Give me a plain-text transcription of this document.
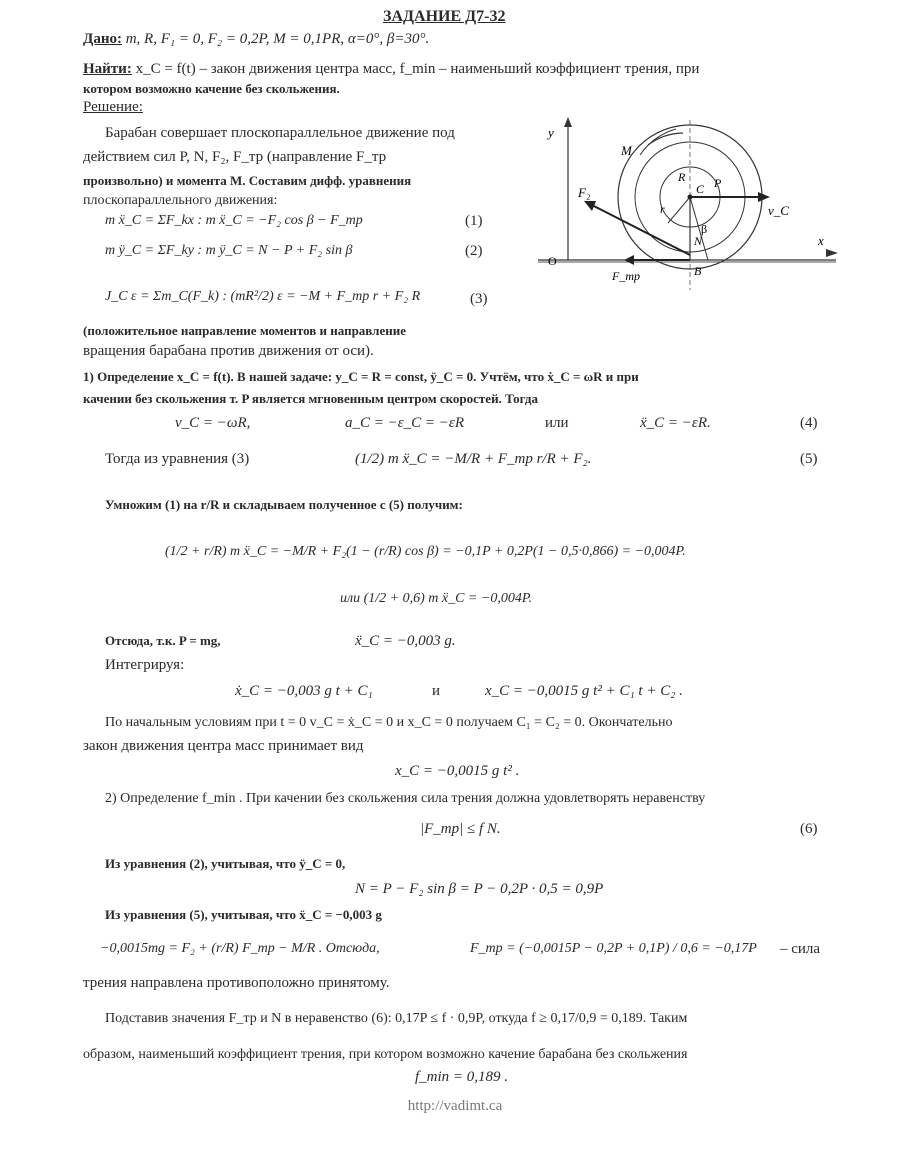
ЗАДАНИЕ Д7-32
Дано: m, R, F₁ = 0, F₂ = 0,2P, M = 0,1PR, α=0°, β=30°.
Найти: x_C = f(t) – закон движения центра масс, f_min – наименьший коэффициент трения, при
котором возможно качение без скольжения.
Решение:
Барабан совершает плоскопараллельное движение под
действием сил P, N, F₂, F_тр (направление F_тр
произвольно) и момента M. Составим дифф. уравнения
плоскопараллельного движения:
m ẍ_C = ΣF_kx : m ẍ_C = −F₂ cos β − F_тр	(1)
m ÿ_C = ΣF_ky : m ÿ_C = N − P + F₂ sin β	(2)
J_C ε = Σm_C(F_k) : (mR²/2) ε = −M + F_тр r + F₂ R	(3)
y
x
O
M
C
F₂
F_тр
v_C
N
β
r
R P
B
(положительное направление моментов и направление
вращения барабана против движения от оси).
1) Определение x_C = f(t). В нашей задаче: y_C = R = const, ÿ_C = 0. Учтём, что ẋ_C = ωR и при
качении без скольжения т. P является мгновенным центром скоростей. Тогда
v_C = −ωR,	a_C = −ε_C = −εR	или	ẍ_C = −εR.	(4)
Тогда из уравнения (3)	(1/2) m ẍ_C = −M/R + F_тр r/R + F₂.	(5)
Умножим (1) на r/R и складываем полученное с (5) получим:
(1/2 + r/R) m ẍ_C = −M/R + F₂(1 − (r/R) cos β) = −0,1P + 0,2P(1 − 0,5·0,866) = −0,004P.
или (1/2 + 0,6) m ẍ_C = −0,004P.
Отсюда, т.к. P = mg,	ẍ_C = −0,003 g.
Интегрируя:
ẋ_C = −0,003 g t + C₁	и	x_C = −0,0015 g t² + C₁ t + C₂ .
По начальным условиям при t = 0 v_C = ẋ_C = 0 и x_C = 0 получаем C₁ = C₂ = 0. Окончательно
закон движения центра масс принимает вид
x_C = −0,0015 g t² .
2) Определение f_min . При качении без скольжения сила трения должна удовлетворять неравенству
|F_тр| ≤ f N.	(6)
Из уравнения (2), учитывая, что ÿ_C = 0,
N = P − F₂ sin β = P − 0,2P · 0,5 = 0,9P
Из уравнения (5), учитывая, что ẍ_C = −0,003 g
−0,0015mg = F₂ + (r/R) F_тр − M/R . Отсюда,	F_тр = (−0,0015P − 0,2P + 0,1P) / 0,6 = −0,17P – сила
трения направлена противоположно принятому.
Подставив значения F_тр и N в неравенство (6): 0,17P ≤ f · 0,9P, откуда f ≥ 0,17/0,9 = 0,189. Таким
образом, наименьший коэффициент трения, при котором возможно качение барабана без скольжения
f_min = 0,189 .
http://vadimt.ca
